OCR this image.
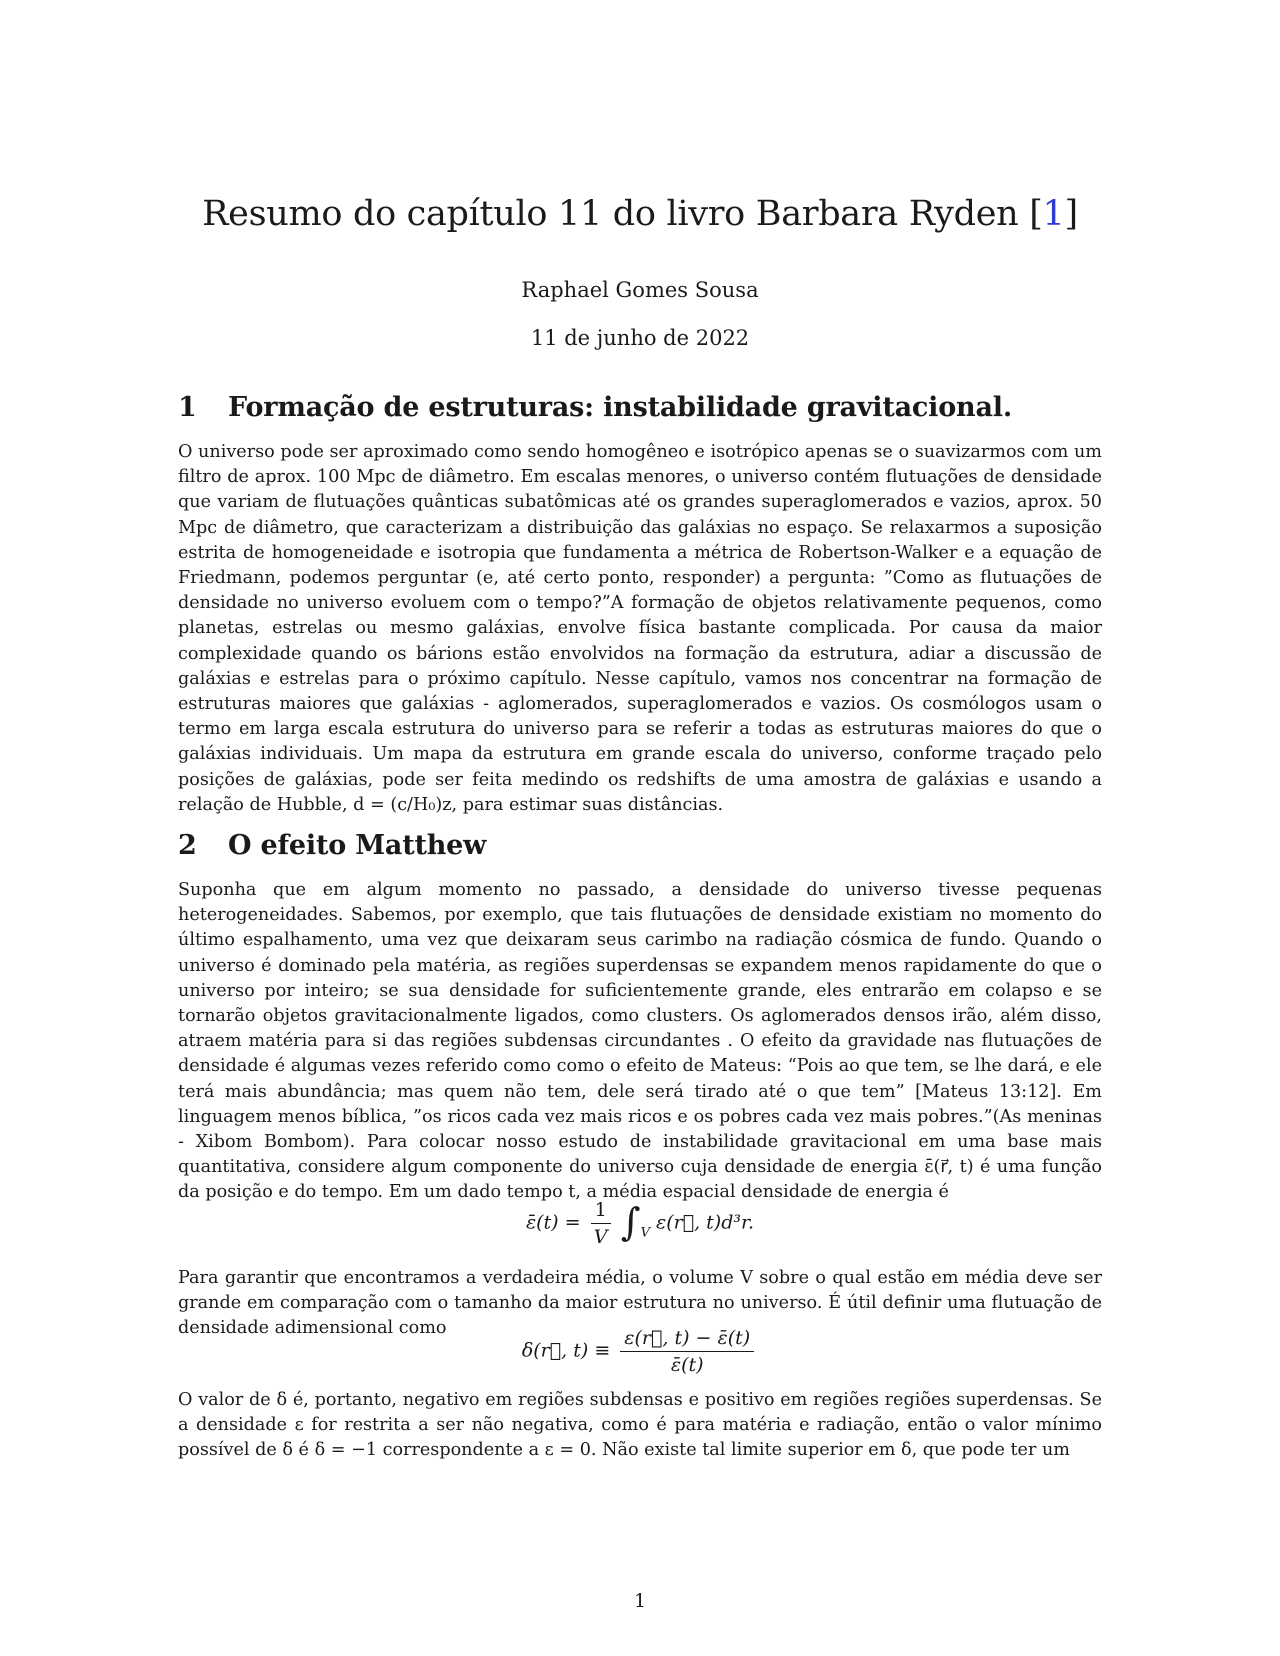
Resumo do capítulo 11 do livro Barbara Ryden [1]
Raphael Gomes Sousa
11 de junho de 2022
1 Formação de estruturas: instabilidade gravitacional.

O universo pode ser aproximado como sendo homogêneo e isotrópico apenas se o suavizarmos com um filtro de aprox. 100 Mpc de diâmetro. Em escalas menores, o universo contém flutuações de densidade que variam de flutuações quânticas subatômicas até os grandes superaglomerados e vazios, aprox. 50 Mpc de diâmetro, que caracterizam a distribuição das galáxias no espaço. Se relaxarmos a suposição estrita de homogeneidade e isotropia que fundamenta a métrica de Robertson-Walker e a equação de Friedmann, podemos perguntar (e, até certo ponto, responder) a pergunta: ”Como as flutuações de densidade no universo evoluem com o tempo?”A formação de objetos relativamente pequenos, como planetas, estrelas ou mesmo galáxias, envolve física bastante complicada. Por causa da maior complexidade quando os bárions estão envolvidos na formação da estrutura, adiar a discussão de galáxias e estrelas para o próximo capítulo. Nesse capítulo, vamos nos concentrar na formação de estruturas maiores que galáxias - aglomerados, superaglomerados e vazios. Os cosmólogos usam o termo em larga escala estrutura do universo para se referir a todas as estruturas maiores do que o galáxias individuais. Um mapa da estrutura em grande escala do universo, conforme traçado pelo posições de galáxias, pode ser feita medindo os redshifts de uma amostra de galáxias e usando a relação de Hubble, d = (c/H₀)z, para estimar suas distâncias.

2 O efeito Matthew

Suponha que em algum momento no passado, a densidade do universo tivesse pequenas heterogeneidades. Sabemos, por exemplo, que tais flutuações de densidade existiam no momento do último espalhamento, uma vez que deixaram seus carimbo na radiação cósmica de fundo. Quando o universo é dominado pela matéria, as regiões superdensas se expandem menos rapidamente do que o universo por inteiro; se sua densidade for suficientemente grande, eles entrarão em colapso e se tornarão objetos gravitacionalmente ligados, como clusters. Os aglomerados densos irão, além disso, atraem matéria para si das regiões subdensas circundantes . O efeito da gravidade nas flutuações de densidade é algumas vezes referido como como o efeito de Mateus: “Pois ao que tem, se lhe dará, e ele terá mais abundância; mas quem não tem, dele será tirado até o que tem” [Mateus 13:12]. Em linguagem menos bíblica, ”os ricos cada vez mais ricos e os pobres cada vez mais pobres.”(As meninas - Xibom Bombom). Para colocar nosso estudo de instabilidade gravitacional em uma base mais quantitativa, considere algum componente do universo cuja densidade de energia ε̄(r⃗, t) é uma função da posição e do tempo. Em um dado tempo t, a média espacial densidade de energia é

ε̄(t) = $\frac{1}{V} \int_V$ ε(r⃗, t)d³r.

Para garantir que encontramos a verdadeira média, o volume V sobre o qual estão em média deve ser grande em comparação com o tamanho da maior estrutura no universo. É útil definir uma flutuação de densidade adimensional como

δ(r⃗, $t) \equiv \frac{\varepsilon(r⃗, t) - \varepsilon̄(t)}{\varepsilon̄(t)}$

O valor de δ é, portanto, negativo em regiões subdensas e positivo em regiões regiões superdensas. Se a densidade ε for restrita a ser não negativa, como é para matéria e radiação, então o valor mínimo possível de δ é δ = −1 correspondente a ε = 0. Não existe tal limite superior em δ, que pode ter um

1
